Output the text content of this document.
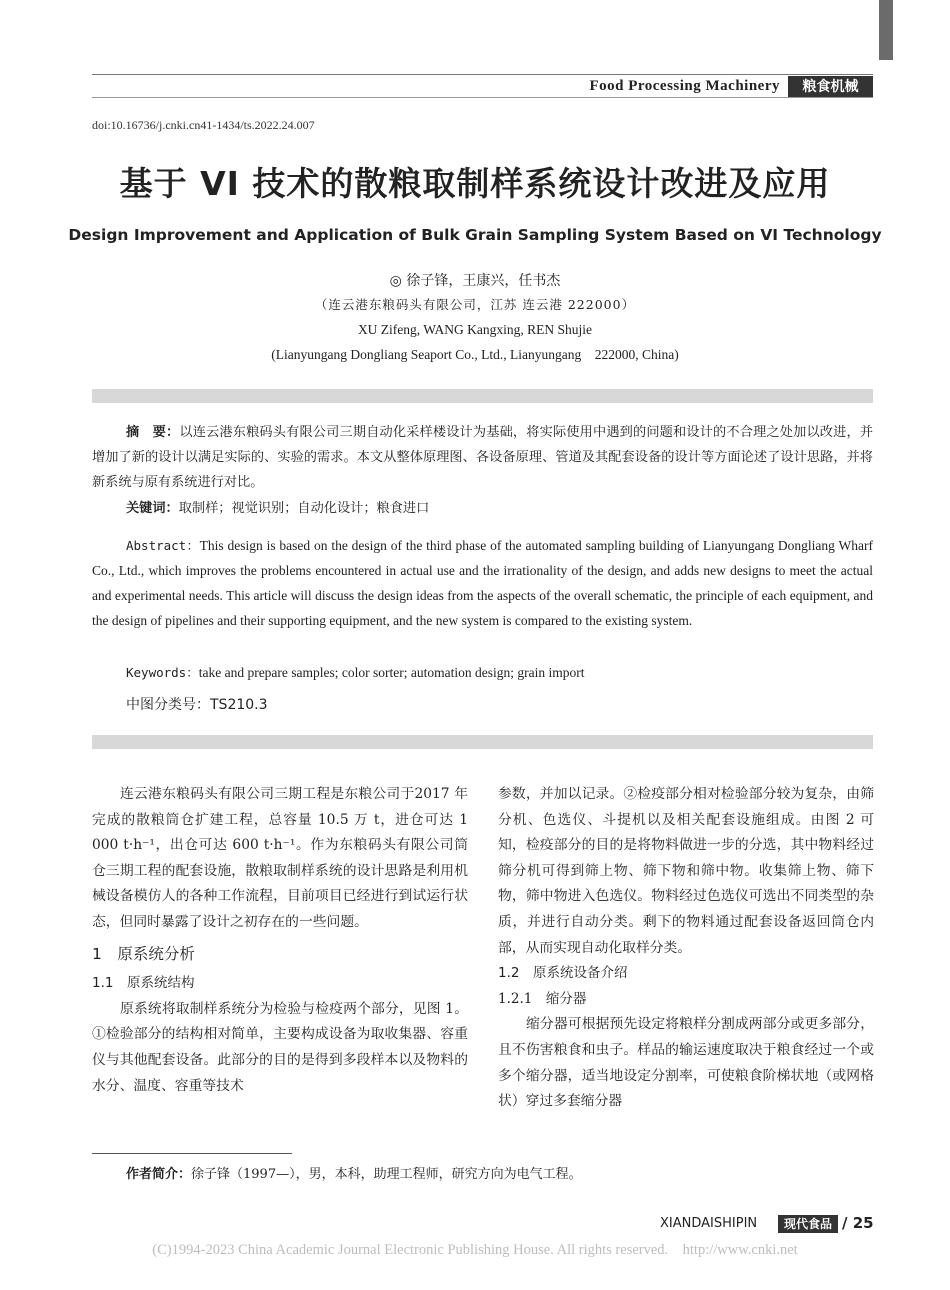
Food Processing Machinery	粮食机械
doi:10.16736/j.cnki.cn41-1434/ts.2022.24.007
基于 VI 技术的散粮取制样系统设计改进及应用
Design Improvement and Application of Bulk Grain Sampling System Based on VI Technology
◎ 徐子锋，王康兴，任书杰
（连云港东粮码头有限公司，江苏 连云港 222000）
XU Zifeng, WANG Kangxing, REN Shujie
(Lianyungang Dongliang Seaport Co., Ltd., Lianyungang    222000, China)
摘　要：以连云港东粮码头有限公司三期自动化采样楼设计为基础，将实际使用中遇到的问题和设计的不合理之处加以改进，并增加了新的设计以满足实际的、实验的需求。本文从整体原理图、各设备原理、管道及其配套设备的设计等方面论述了设计思路，并将新系统与原有系统进行对比。
关键词：取制样；视觉识别；自动化设计；粮食进口
Abstract：This design is based on the design of the third phase of the automated sampling building of Lianyungang Dongliang Wharf Co., Ltd., which improves the problems encountered in actual use and the irrationality of the design, and adds new designs to meet the actual and experimental needs. This article will discuss the design ideas from the aspects of the overall schematic, the principle of each equipment, and the design of pipelines and their supporting equipment, and the new system is compared to the existing system.
Keywords：take and prepare samples; color sorter; automation design; grain import
中图分类号：TS210.3

连云港东粮码头有限公司三期工程是东粮公司于2017 年完成的散粮筒仓扩建工程，总容量 10.5 万 t，进仓可达 1 000 t·h⁻¹，出仓可达 600 t·h⁻¹。作为东粮码头有限公司筒仓三期工程的配套设施，散粮取制样系统的设计思路是利用机械设备模仿人的各种工作流程，目前项目已经进行到试运行状态，但同时暴露了设计之初存在的一些问题。

1　原系统分析
1.1　原系统结构

原系统将取制样系统分为检验与检疫两个部分，见图 1。①检验部分的结构相对简单，主要构成设备为取收集器、容重仪与其他配套设备。此部分的目的是得到多段样本以及物料的水分、温度、容重等技术

参数，并加以记录。②检疫部分相对检验部分较为复杂，由筛分机、色选仪、斗提机以及相关配套设施组成。由图 2 可知，检疫部分的目的是将物料做进一步的分选，其中物料经过筛分机可得到筛上物、筛下物和筛中物。收集筛上物、筛下物，筛中物进入色选仪。物料经过色选仪可选出不同类型的杂质，并进行自动分类。剩下的物料通过配套设备返回筒仓内部，从而实现自动化取样分类。

1.2　原系统设备介绍
1.2.1　缩分器

缩分器可根据预先设定将粮样分割成两部分或更多部分，且不伤害粮食和虫子。样品的输运速度取决于粮食经过一个或多个缩分器，适当地设定分割率，可使粮食阶梯状地（或网格状）穿过多套缩分器

作者简介：徐子锋（1997—），男，本科，助理工程师，研究方向为电气工程。
XIANDAISHIPIN	现代食品 / 25
(C)1994-2023 China Academic Journal Electronic Publishing House. All rights reserved.    http://www.cnki.net
